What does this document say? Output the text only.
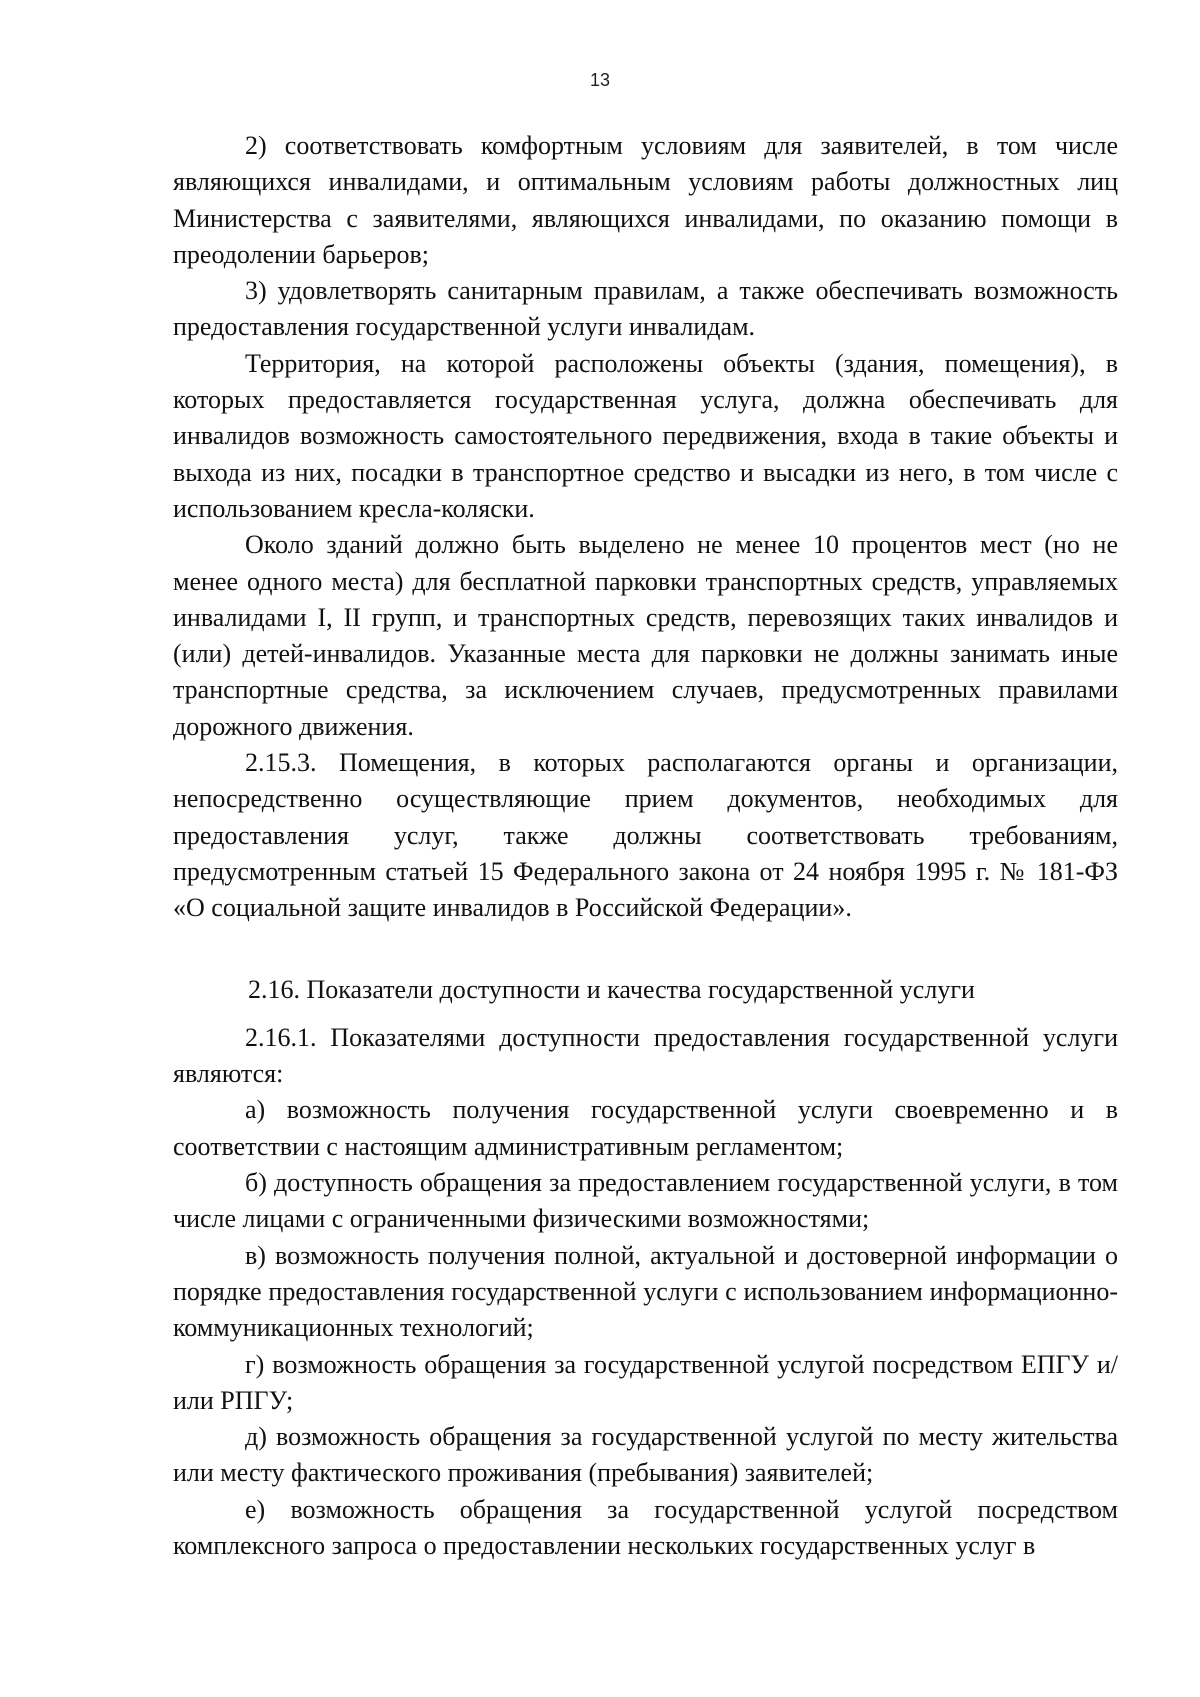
13

2) соответствовать комфортным условиям для заявителей, в том числе являющихся инвалидами, и оптимальным условиям работы должностных лиц Министерства с заявителями, являющихся инвалидами, по оказанию помощи в преодолении барьеров;

3) удовлетворять санитарным правилам, а также обеспечивать возможность предоставления государственной услуги инвалидам.

Территория, на которой расположены объекты (здания, помещения), в которых предоставляется государственная услуга, должна обеспечивать для инвалидов возможность самостоятельного передвижения, входа в такие объекты и выхода из них, посадки в транспортное средство и высадки из него, в том числе с использованием кресла-коляски.

Около зданий должно быть выделено не менее 10 процентов мест (но не менее одного места) для бесплатной парковки транспортных средств, управляемых инвалидами I, II групп, и транспортных средств, перевозящих таких инвалидов и (или) детей-инвалидов. Указанные места для парковки не должны занимать иные транспортные средства, за исключением случаев, предусмотренных правилами дорожного движения.

2.15.3. Помещения, в которых располагаются органы и организации, непосредственно осуществляющие прием документов, необходимых для предоставления услуг, также должны соответствовать требованиям, предусмотренным статьей 15 Федерального закона от 24 ноября 1995 г. № 181-ФЗ «О социальной защите инвалидов в Российской Федерации».

2.16. Показатели доступности и качества государственной услуги

2.16.1. Показателями доступности предоставления государственной услуги являются:

а) возможность получения государственной услуги своевременно и в соответствии с настоящим административным регламентом;

б) доступность обращения за предоставлением государственной услуги, в том числе лицами с ограниченными физическими возможностями;

в) возможность получения полной, актуальной и достоверной информации о порядке предоставления государственной услуги с использованием информационно-коммуникационных технологий;

г) возможность обращения за государственной услугой посредством ЕПГУ и/или РПГУ;

д) возможность обращения за государственной услугой по месту жительства или месту фактического проживания (пребывания) заявителей;

е) возможность обращения за государственной услугой посредством комплексного запроса о предоставлении нескольких государственных услуг в
